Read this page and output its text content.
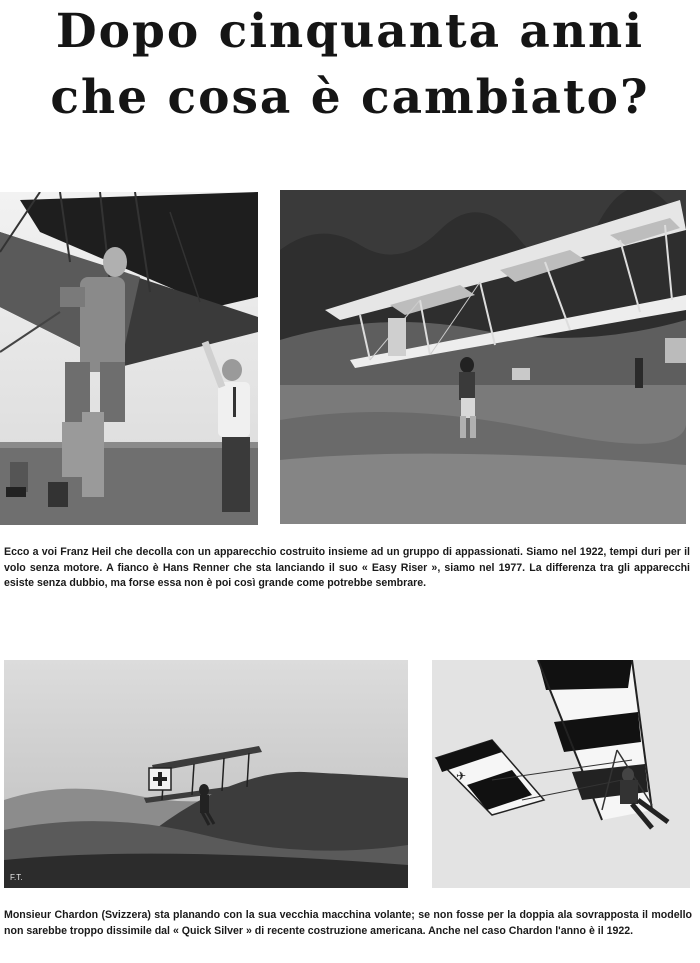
Dopo cinquanta anni
che cosa è cambiato?
Ecco a voi Franz Heil che decolla con un apparecchio costruito insieme ad un gruppo di appassionati. Siamo nel 1922, tempi duri per il volo senza motore. A fianco è Hans Renner che sta lanciando il suo « Easy Riser », siamo nel 1977. La differenza tra gli apparecchi esiste senza dubbio, ma forse essa non è poi così grande come potrebbe sembrare.
F.T.
✈
Monsieur Chardon (Svizzera) sta planando con la sua vecchia macchina volante; se non fosse per la doppia ala sovrapposta il modello non sarebbe troppo dissimile dal « Quick Silver » di recente costruzione americana. Anche nel caso Chardon l'anno è il 1922.
